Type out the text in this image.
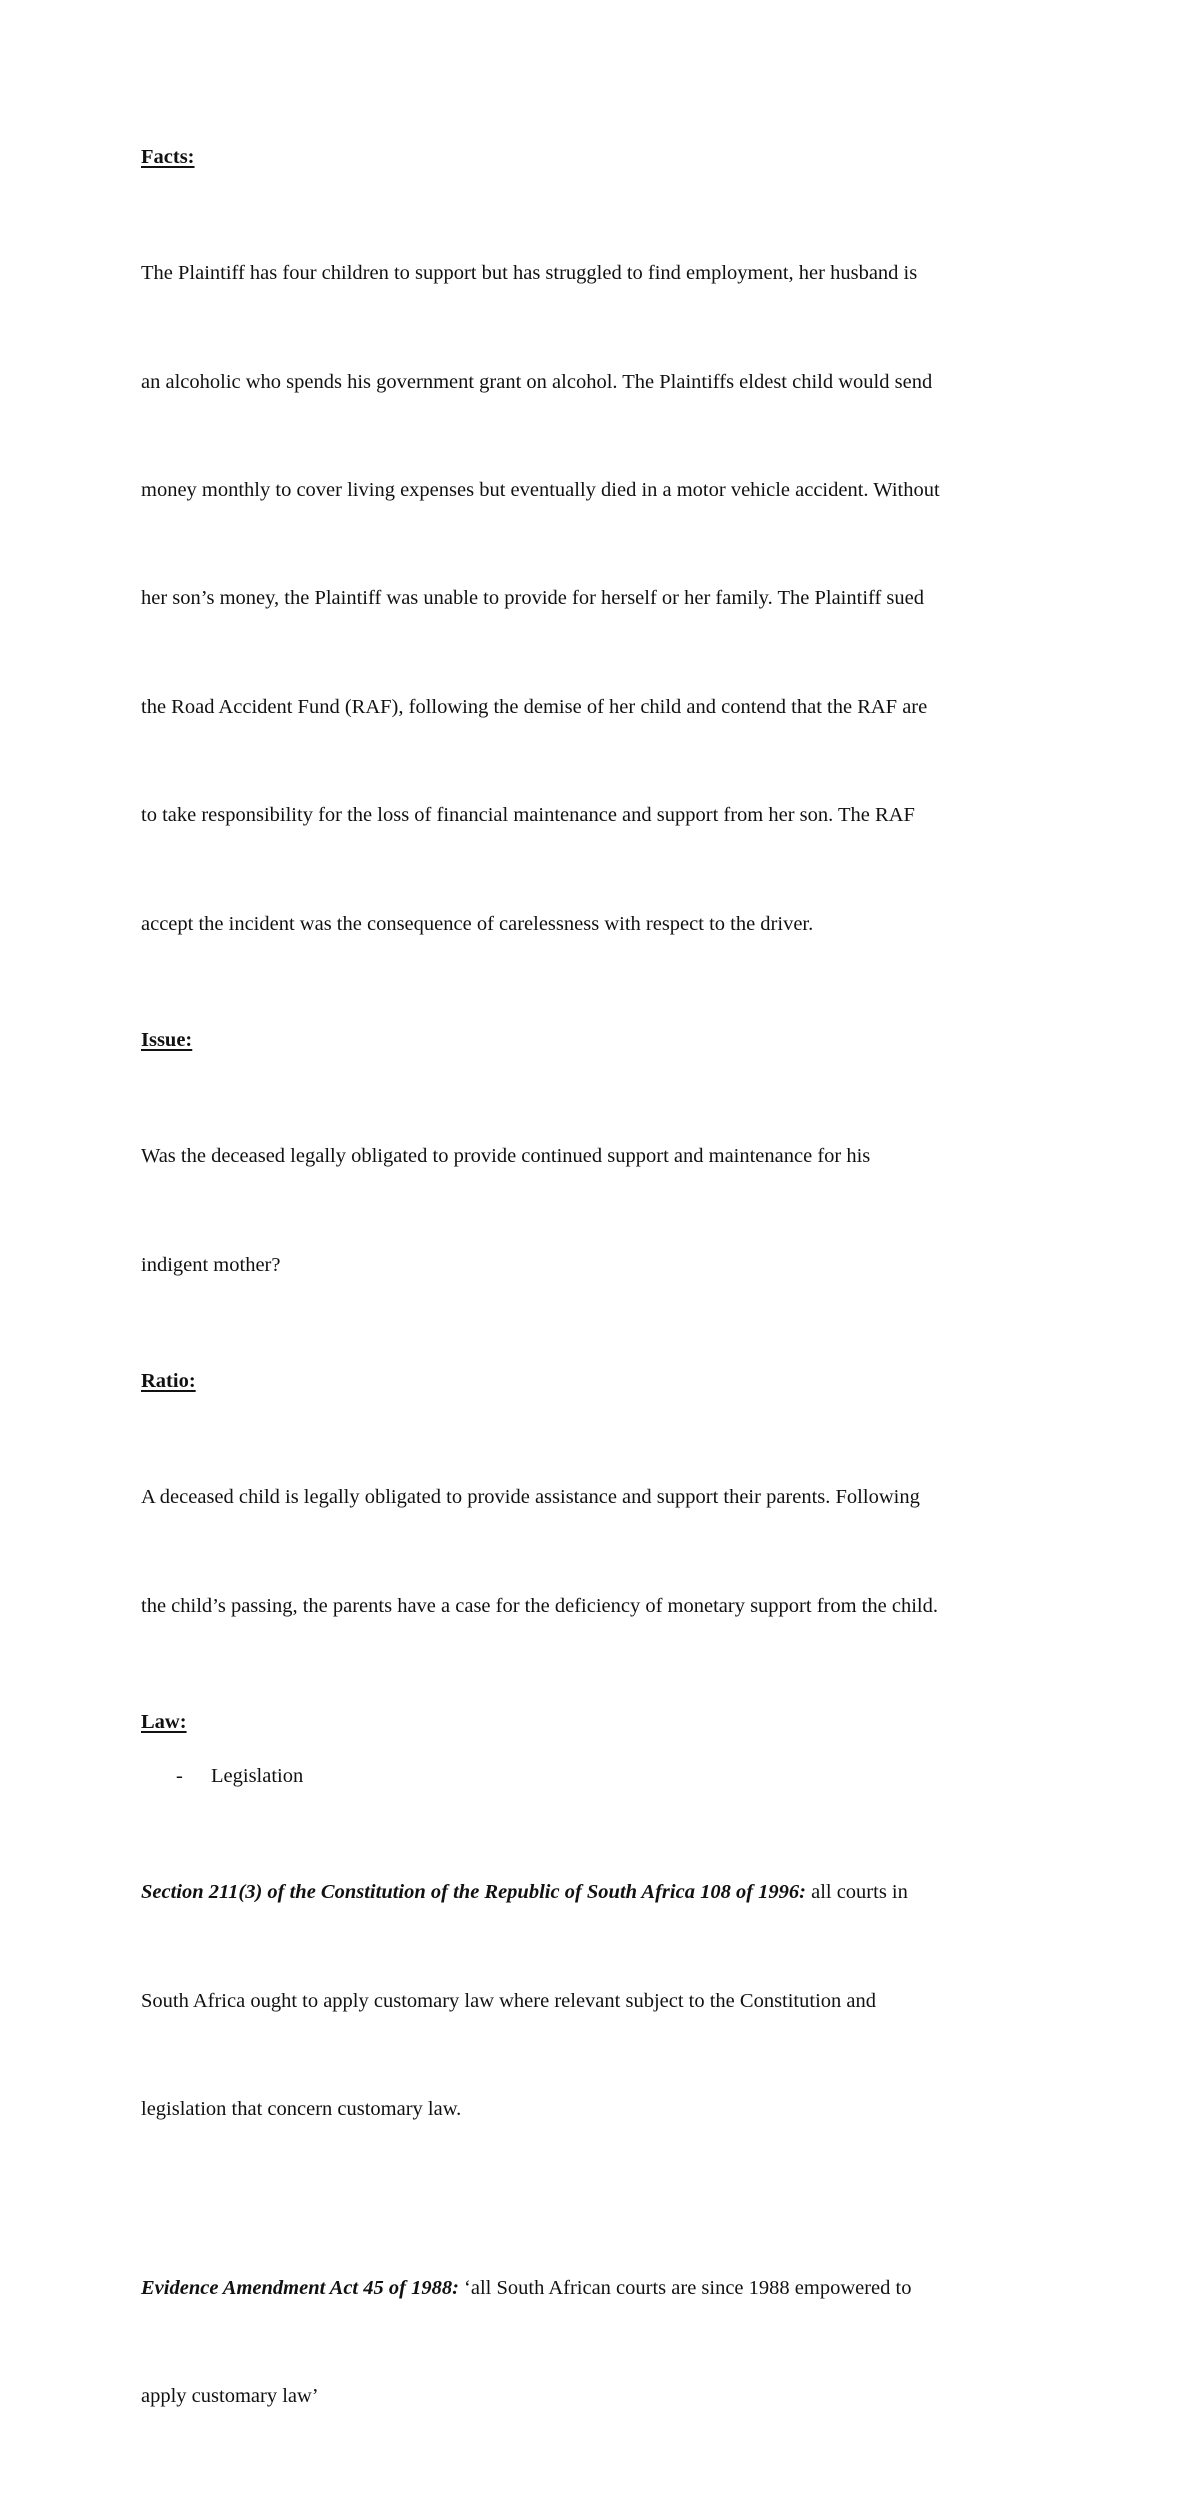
Facts:

The Plaintiff has four children to support but has struggled to find employment, her husband is

an alcoholic who spends his government grant on alcohol. The Plaintiffs eldest child would send

money monthly to cover living expenses but eventually died in a motor vehicle accident. Without

her son’s money, the Plaintiff was unable to provide for herself or her family. The Plaintiff sued

the Road Accident Fund (RAF), following the demise of her child and contend that the RAF are

to take responsibility for the loss of financial maintenance and support from her son. The RAF

accept the incident was the consequence of carelessness with respect to the driver.

Issue:

Was the deceased legally obligated to provide continued support and maintenance for his

indigent mother?

Ratio:

A deceased child is legally obligated to provide assistance and support their parents. Following

the child’s passing, the parents have a case for the deficiency of monetary support from the child.

Law:
- Legislation

Section 211(3) of the Constitution of the Republic of South Africa 108 of 1996: all courts in

South Africa ought to apply customary law where relevant subject to the Constitution and

legislation that concern customary law.

Evidence Amendment Act 45 of 1988: ‘all South African courts are since 1988 empowered to

apply customary law’
